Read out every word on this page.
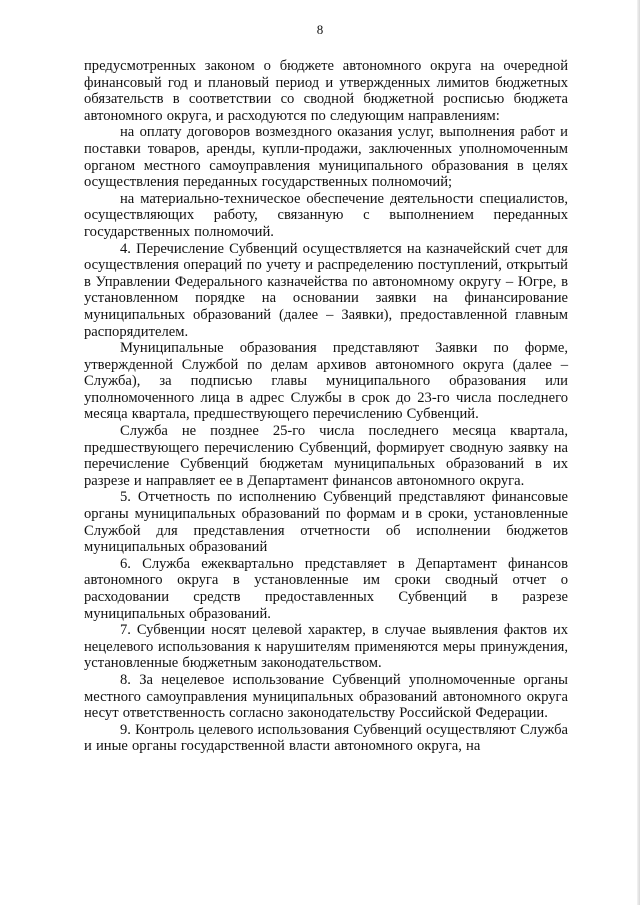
8

предусмотренных законом о бюджете автономного округа на очередной финансовый год и плановый период и утвержденных лимитов бюджетных обязательств в соответствии со сводной бюджетной росписью бюджета автономного округа, и расходуются по следующим направлениям:

на оплату договоров возмездного оказания услуг, выполнения работ и поставки товаров, аренды, купли-продажи, заключенных уполномоченным органом местного самоуправления муниципального образования в целях осуществления переданных государственных полномочий;

на материально-техническое обеспечение деятельности специалистов, осуществляющих работу, связанную с выполнением переданных государственных полномочий.

4. Перечисление Субвенций осуществляется на казначейский счет для осуществления операций по учету и распределению поступлений, открытый в Управлении Федерального казначейства по автономному округу – Югре, в установленном порядке на основании заявки на финансирование муниципальных образований (далее – Заявки), предоставленной главным распорядителем.

Муниципальные образования представляют Заявки по форме, утвержденной Службой по делам архивов автономного округа (далее – Служба), за подписью главы муниципального образования или уполномоченного лица в адрес Службы в срок до 23-го числа последнего месяца квартала, предшествующего перечислению Субвенций.

Служба не позднее 25-го числа последнего месяца квартала, предшествующего перечислению Субвенций, формирует сводную заявку на перечисление Субвенций бюджетам муниципальных образований в их разрезе и направляет ее в Департамент финансов автономного округа.

5. Отчетность по исполнению Субвенций представляют финансовые органы муниципальных образований по формам и в сроки, установленные Службой для представления отчетности об исполнении бюджетов муниципальных образований

6. Служба ежеквартально представляет в Департамент финансов автономного округа в установленные им сроки сводный отчет о расходовании средств предоставленных Субвенций в разрезе муниципальных образований.

7. Субвенции носят целевой характер, в случае выявления фактов их нецелевого использования к нарушителям применяются меры принуждения, установленные бюджетным законодательством.

8. За нецелевое использование Субвенций уполномоченные органы местного самоуправления муниципальных образований автономного округа несут ответственность согласно законодательству Российской Федерации.

9. Контроль целевого использования Субвенций осуществляют Служба и иные органы государственной власти автономного округа, на
